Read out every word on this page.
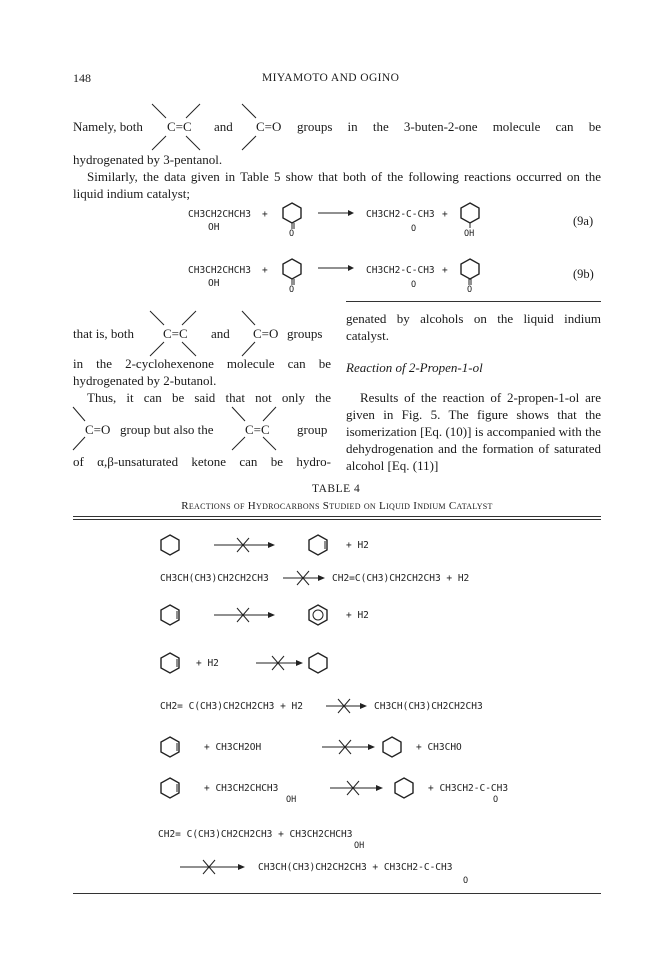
148	MIYAMOTO AND OGINO
Namely, both C=C and C=O groups in the 3-buten-2-one molecule can be
hydrogenated by 3-pentanol.
Similarly, the data given in Table 5 show that both of the following reactions occurred on the liquid indium catalyst;
CH3CH2CHCH3
OH
+
O
CH3CH2-C-CH3
O
+
OH
(9a)
CH3CH2CHCH3
OH
+
O
CH3CH2-C-CH3
O
+
O
(9b)
that is, both C=C and C=O groups
in the 2-cyclohexenone molecule can be hydrogenated by 2-butanol.
Thus, it can be said that not only the
C=O group but also the C=C group
of α,β-unsaturated ketone can be hydro-
genated by alcohols on the liquid indium catalyst.
Reaction of 2-Propen-1-ol
Results of the reaction of 2-propen-1-ol are given in Fig. 5. The figure shows that the isomerization [Eq. (10)] is accompanied with the dehydrogenation and the formation of saturated alcohol [Eq. (11)]
TABLE 4
Reactions of Hydrocarbons Studied on Liquid Indium Catalyst
+ H2
CH3CH(CH3)CH2CH2CH3	CH2=C(CH3)CH2CH2CH3 + H2
+ H2
+ H2
CH2= C(CH3)CH2CH2CH3 + H2	CH3CH(CH3)CH2CH2CH3
+ CH3CH2OH	+ CH3CHO
+ CH3CH2CHCH3
OH
+ CH3CH2-C-CH3
O
CH2= C(CH3)CH2CH2CH3 + CH3CH2CHCH3
OH
CH3CH(CH3)CH2CH2CH3 + CH3CH2-C-CH3
O
